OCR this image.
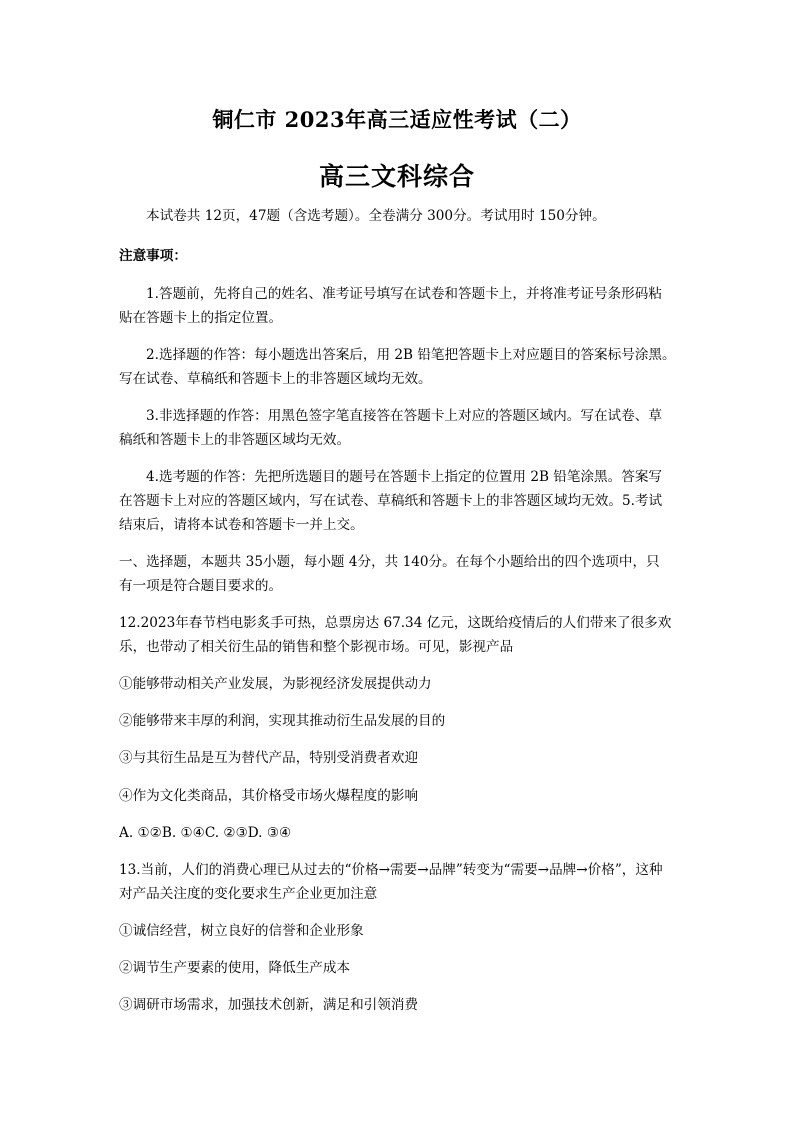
铜仁市 2023年高三适应性考试（二）
高三文科综合
本试卷共 12页，47题（含选考题）。全卷满分 300分。考试用时 150分钟。
注意事项：
1.答题前，先将自己的姓名、准考证号填写在试卷和答题卡上，并将准考证号条形码粘
贴在答题卡上的指定位置。
2.选择题的作答：每小题选出答案后，用 2B 铅笔把答题卡上对应题目的答案标号涂黑。
写在试卷、草稿纸和答题卡上的非答题区域均无效。
3.非选择题的作答：用黑色签字笔直接答在答题卡上对应的答题区域内。写在试卷、草
稿纸和答题卡上的非答题区域均无效。
4.选考题的作答：先把所选题目的题号在答题卡上指定的位置用 2B 铅笔涂黑。答案写
在答题卡上对应的答题区域内，写在试卷、草稿纸和答题卡上的非答题区域均无效。5.考试
结束后，请将本试卷和答题卡一并上交。
一、选择题，本题共 35小题，每小题 4分，共 140分。在每个小题给出的四个选项中，只
有一项是符合题目要求的。
12.2023年春节档电影炙手可热，总票房达 67.34 亿元，这既给疫情后的人们带来了很多欢
乐，也带动了相关衍生品的销售和整个影视市场。可见，影视产品
①能够带动相关产业发展，为影视经济发展提供动力
②能够带来丰厚的利润，实现其推动衍生品发展的目的
③与其衍生品是互为替代产品，特别受消费者欢迎
④作为文化类商品，其价格受市场火爆程度的影响
A. ①②B. ①④C. ②③D. ③④
13.当前，人们的消费心理已从过去的“价格→需要→品牌”转变为“需要→品牌→价格”，这种
对产品关注度的变化要求生产企业更加注意
①诚信经营，树立良好的信誉和企业形象
②调节生产要素的使用，降低生产成本
③调研市场需求，加强技术创新，满足和引领消费
